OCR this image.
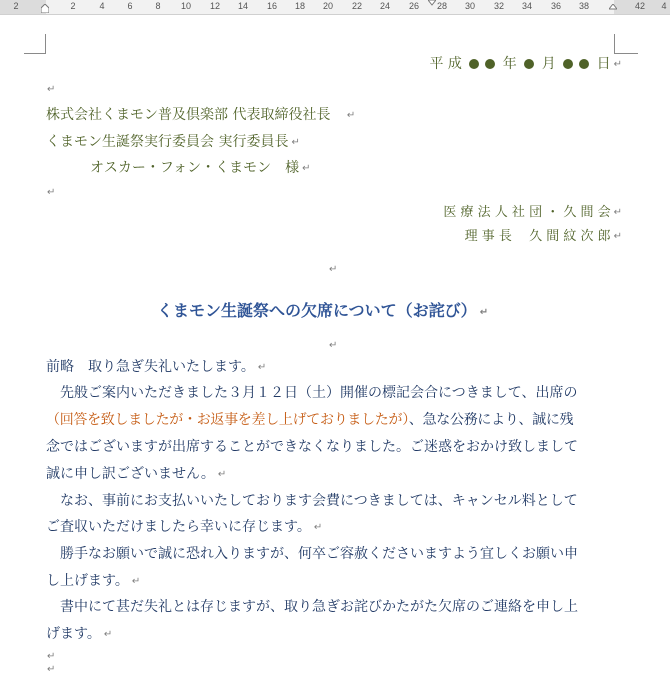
2	2	4	6	8 10 12 14 16 18 20 22 24 26 28 30 32 34 36 38	42 4
平 成	年 月	日 ↵
↵
株式会社くまモン普及倶楽部 代表取締役社長 ↵
くまモン生誕祭実行委員会 実行委員長 ↵
オスカー・フォン・くまモン　様 ↵
↵
医 療 法 人 社 団 ・ 久 間 会 ↵
理 事 長　 久 間 紋 次 郎 ↵
↵
くまモン生誕祭への欠席について（お詫び） ↵
↵
前略　取り急ぎ失礼いたします。 ↵
　先般ご案内いただきました３月１２日（土）開催の標記会合につきまして、出席の
（回答を致しましたが・お返事を差し上げておりましたが）、急な公務により、誠に残
念ではございますが出席することができなくなりました。ご迷惑をおかけ致しまして
誠に申し訳ございません。 ↵
　なお、事前にお支払いいたしております会費につきましては、キャンセル料として
ご査収いただけましたら幸いに存じます。 ↵
　勝手なお願いで誠に恐れ入りますが、何卒ご容赦くださいますよう宜しくお願い申
し上げます。 ↵
　書中にて甚だ失礼とは存じますが、取り急ぎお詫びかたがた欠席のご連絡を申し上
げます。 ↵
↵
↵
